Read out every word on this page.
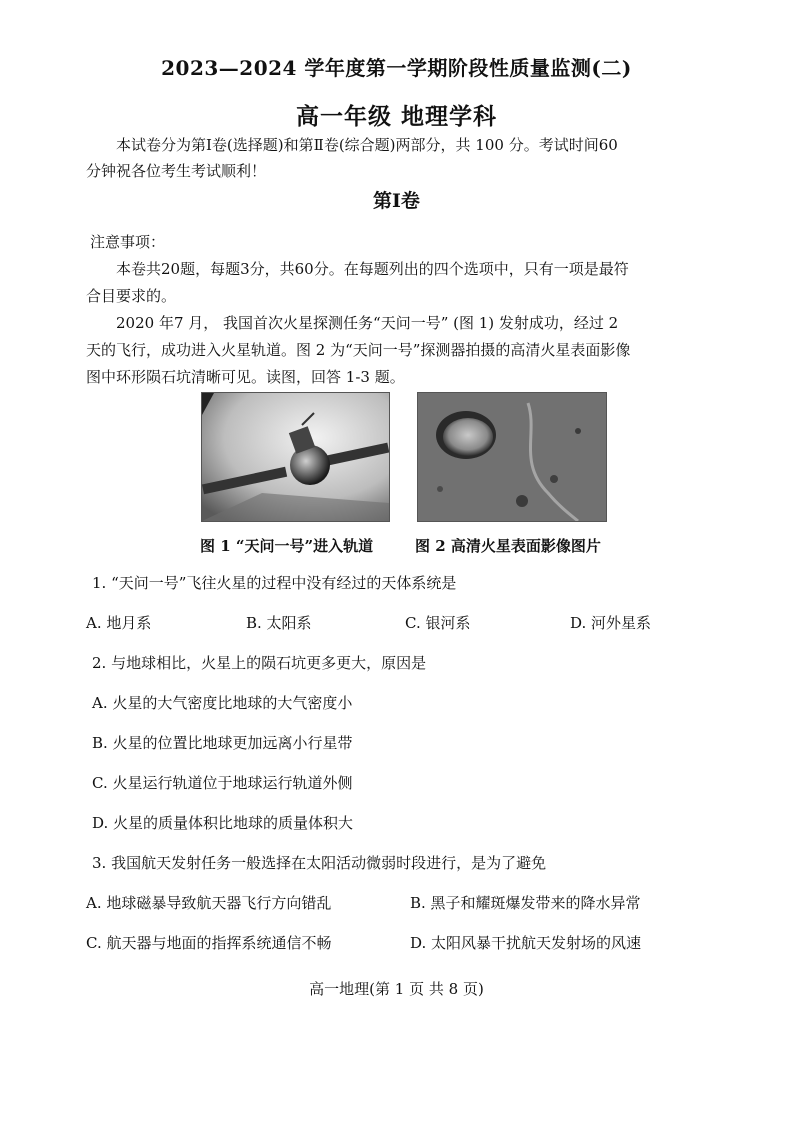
2023—2024 学年度第一学期阶段性质量监测(二)
高一年级 地理学科
本试卷分为第Ⅰ卷(选择题)和第Ⅱ卷(综合题)两部分，共 100 分。考试时间60
分钟祝各位考生考试顺利！
第Ⅰ卷
注意事项：
本卷共20题，每题3分，共60分。在每题列出的四个选项中，只有一项是最符
合目要求的。
2020 年7 月， 我国首次火星探测任务“天问一号” (图 1) 发射成功，经过 2
天的飞行，成功进入火星轨道。图 2 为“天问一号”探测器拍摄的高清火星表面影像
图中环形陨石坑清晰可见。读图，回答 1-3 题。
图 1 “天问一号”进入轨道	图 2 高清火星表面影像图片
1. “天问一号”飞往火星的过程中没有经过的天体系统是
A. 地月系	B. 太阳系	C. 银河系	D. 河外星系
2. 与地球相比，火星上的陨石坑更多更大，原因是
A. 火星的大气密度比地球的大气密度小
B. 火星的位置比地球更加远离小行星带
C. 火星运行轨道位于地球运行轨道外侧
D. 火星的质量体积比地球的质量体积大
3. 我国航天发射任务一般选择在太阳活动微弱时段进行，是为了避免
A. 地球磁暴导致航天器飞行方向错乱	B. 黑子和耀斑爆发带来的降水异常
C. 航天器与地面的指挥系统通信不畅	D. 太阳风暴干扰航天发射场的风速
高一地理(第 1 页 共 8 页)
